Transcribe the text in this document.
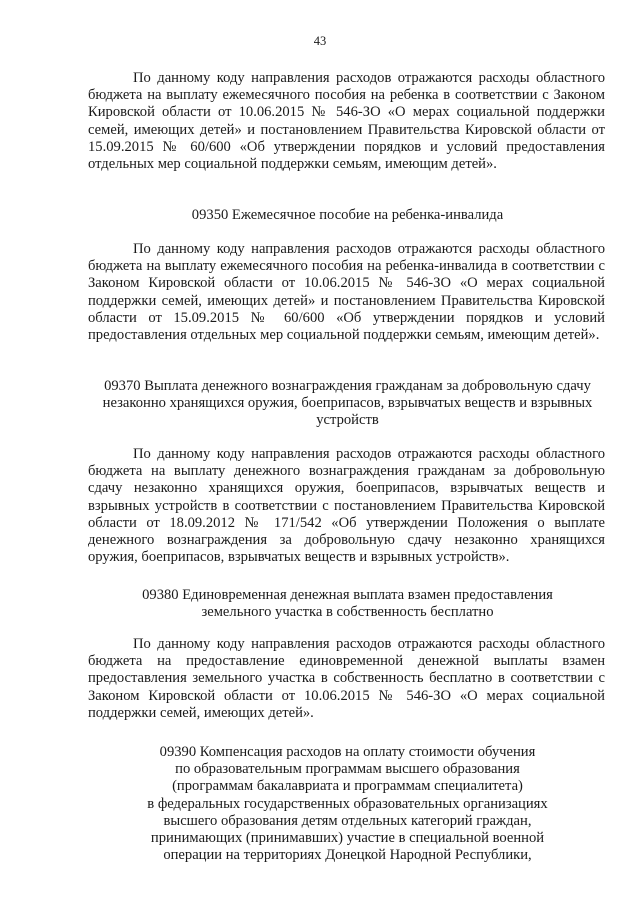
43

По данному коду направления расходов отражаются расходы областного бюджета на выплату ежемесячного пособия на ребенка в соответствии с Законом Кировской области от 10.06.2015 № 546-ЗО «О мерах социальной поддержки семей, имеющих детей» и постановлением Правительства Кировской области от 15.09.2015 № 60/600 «Об утверждении порядков и условий предоставления отдельных мер социальной поддержки семьям, имеющим детей».

09350 Ежемесячное пособие на ребенка-инвалида

По данному коду направления расходов отражаются расходы областного бюджета на выплату ежемесячного пособия на ребенка-инвалида в соответствии с Законом Кировской области от 10.06.2015 № 546-ЗО «О мерах социальной поддержки семей, имеющих детей» и постановлением Правительства Кировской области от 15.09.2015 № 60/600 «Об утверждении порядков и условий предоставления отдельных мер социальной поддержки семьям, имеющим детей».

09370 Выплата денежного вознаграждения гражданам за добровольную сдачу
незаконно хранящихся оружия, боеприпасов, взрывчатых веществ и взрывных
устройств

По данному коду направления расходов отражаются расходы областного бюджета на выплату денежного вознаграждения гражданам за добровольную сдачу незаконно хранящихся оружия, боеприпасов, взрывчатых веществ и взрывных устройств в соответствии с постановлением Правительства Кировской области от 18.09.2012 № 171/542 «Об утверждении Положения о выплате денежного вознаграждения за добровольную сдачу незаконно хранящихся оружия, боеприпасов, взрывчатых веществ и взрывных устройств».

09380 Единовременная денежная выплата взамен предоставления
земельного участка в собственность бесплатно

По данному коду направления расходов отражаются расходы областного бюджета на предоставление единовременной денежной выплаты взамен предоставления земельного участка в собственность бесплатно в соответствии с Законом Кировской области от 10.06.2015 № 546-ЗО «О мерах социальной поддержки семей, имеющих детей».

09390 Компенсация расходов на оплату стоимости обучения
по образовательным программам высшего образования
(программам бакалавриата и программам специалитета)
в федеральных государственных образовательных организациях
высшего образования детям отдельных категорий граждан,
принимающих (принимавших) участие в специальной военной
операции на территориях Донецкой Народной Республики,
